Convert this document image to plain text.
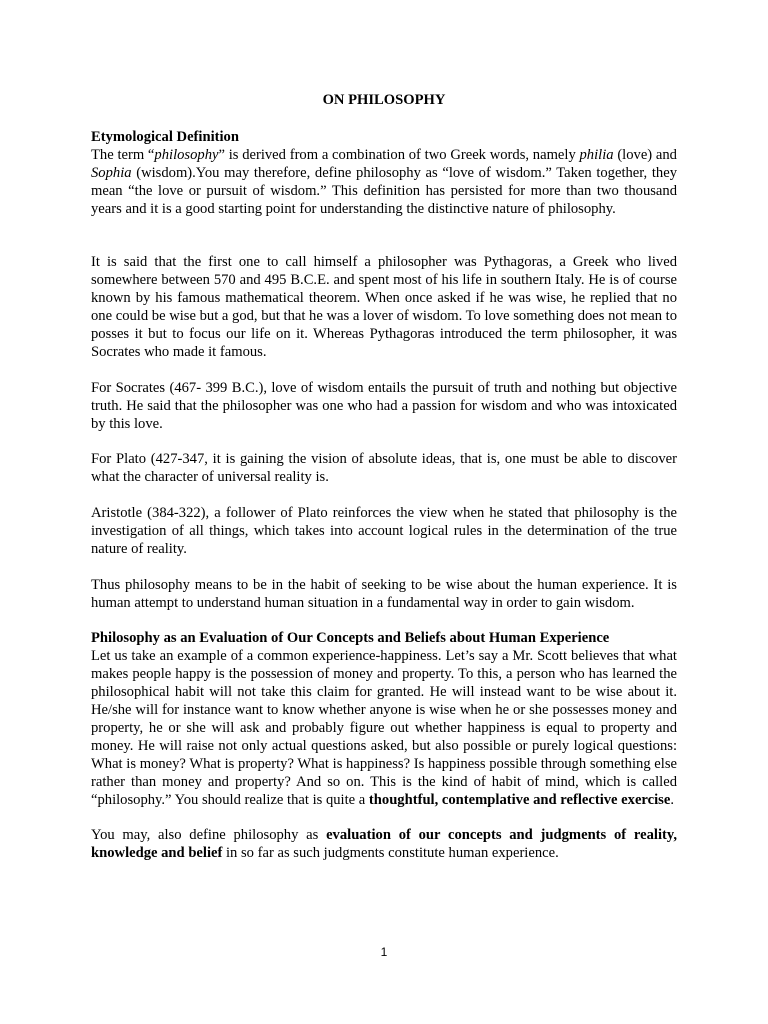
ON PHILOSOPHY
Etymological Definition

The term “philosophy” is derived from a combination of two Greek words, namely philia (love) and Sophia (wisdom).You may therefore, define philosophy as “love of wisdom.” Taken together, they mean “the love or pursuit of wisdom.” This definition has persisted for more than two thousand years and it is a good starting point for understanding the distinctive nature of philosophy.

It is said that the first one to call himself a philosopher was Pythagoras, a Greek who lived somewhere between 570 and 495 B.C.E. and spent most of his life in southern Italy. He is of course known by his famous mathematical theorem. When once asked if he was wise, he replied that no one could be wise but a god, but that he was a lover of wisdom. To love something does not mean to posses it but to focus our life on it. Whereas Pythagoras introduced the term philosopher, it was Socrates who made it famous.

For Socrates (467- 399 B.C.), love of wisdom entails the pursuit of truth and nothing but objective truth. He said that the philosopher was one who had a passion for wisdom and who was intoxicated by this love.

For Plato (427-347, it is gaining the vision of absolute ideas, that is, one must be able to discover what the character of universal reality is.

Aristotle (384-322), a follower of Plato reinforces the view when he stated that philosophy is the investigation of all things, which takes into account logical rules in the determination of the true nature of reality.

Thus philosophy means to be in the habit of seeking to be wise about the human experience. It is human attempt to understand human situation in a fundamental way in order to gain wisdom.

Philosophy as an Evaluation of Our Concepts and Beliefs about Human Experience

Let us take an example of a common experience-happiness. Let’s say a Mr. Scott believes that what makes people happy is the possession of money and property. To this, a person who has learned the philosophical habit will not take this claim for granted. He will instead want to be wise about it. He/she will for instance want to know whether anyone is wise when he or she possesses money and property, he or she will ask and probably figure out whether happiness is equal to property and money. He will raise not only actual questions asked, but also possible or purely logical questions: What is money? What is property? What is happiness? Is happiness possible through something else rather than money and property? And so on. This is the kind of habit of mind, which is called “philosophy.” You should realize that is quite a thoughtful, contemplative and reflective exercise.

You may, also define philosophy as evaluation of our concepts and judgments of reality, knowledge and belief in so far as such judgments constitute human experience.

1
